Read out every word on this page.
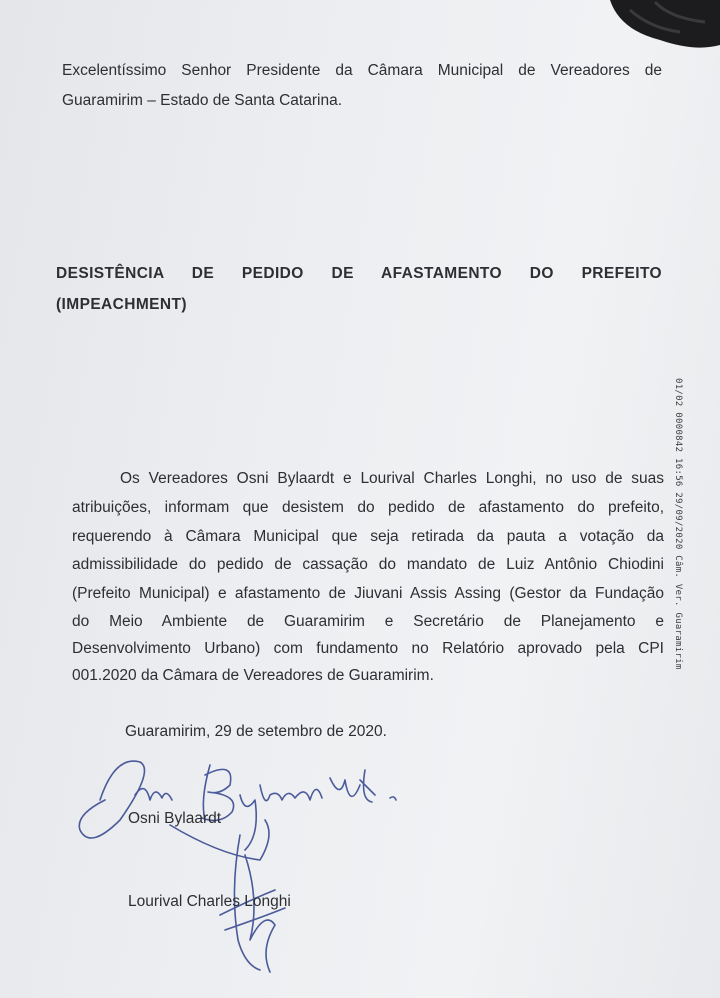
Excelentíssimo Senhor Presidente da Câmara Municipal de Vereadores de
Guaramirim – Estado de Santa Catarina.
DESISTÊNCIA DE PEDIDO DE AFASTAMENTO DO PREFEITO
(IMPEACHMENT)
Os Vereadores Osni Bylaardt e Lourival Charles Longhi, no uso de suas
atribuições, informam que desistem do pedido de afastamento do prefeito,
requerendo à Câmara Municipal que seja retirada da pauta a votação da
admissibilidade do pedido de cassação do mandato de Luiz Antônio Chiodini
(Prefeito Municipal) e afastamento de Jiuvani Assis Assing (Gestor da Fundação
do Meio Ambiente de Guaramirim e Secretário de Planejamento e
Desenvolvimento Urbano) com fundamento no Relatório aprovado pela CPI
001.2020 da Câmara de Vereadores de Guaramirim.
Guaramirim, 29 de setembro de 2020.
Osni Bylaardt
Lourival Charles Longhi
01/02 0000842 16:56 29/09/2020 Câm. Ver. Guaramirim
